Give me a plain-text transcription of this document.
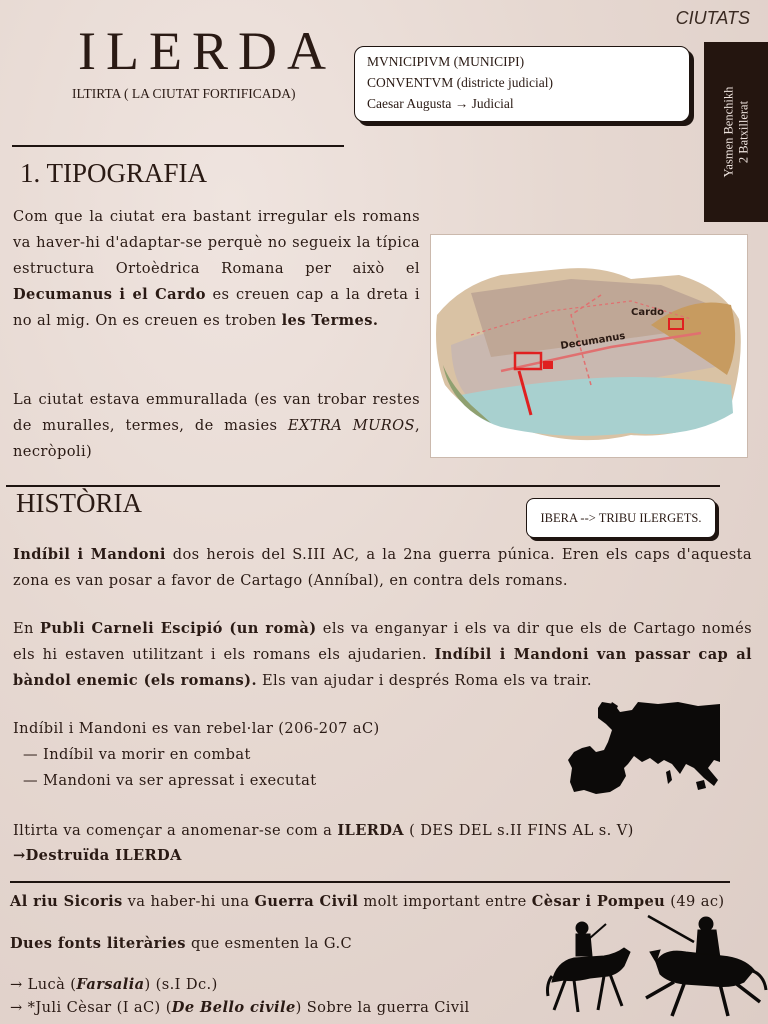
CIUTATS
ILERDA
ILTIRTA ( LA CIUTAT FORTIFICADA)
MVNICIPIVM (MUNICIPI)
CONVENTVM (districte judicial)
Caesar Augusta → Judicial	Yasmen Benchikh 2 Batxillerat
1. TIPOGRAFIA
Com que la ciutat era bastant irregular els romans va haver-hi d'adaptar-se perquè no segueix la típica estructura Ortoèdrica Romana per això el Decumanus i el Cardo es creuen cap a la dreta i no al mig. On es creuen es troben les Termes.
La ciutat estava emmurallada (es van trobar restes de muralles, termes, de masies EXTRA MUROS, necròpoli)
Cardo
Decumanus
HISTÒRIA	IBERA --> TRIBU ILERGETS.
Indíbil i Mandoni dos herois del S.III AC, a la 2na guerra púnica. Eren els caps d'aquesta zona es van posar a favor de Cartago (Anníbal), en contra dels romans.
En Publi Carneli Escipió (un romà) els va enganyar i els va dir que els de Cartago només els hi estaven utilitzant i els romans els ajudarien. Indíbil i Mandoni van passar cap al bàndol enemic (els romans). Els van ajudar i després Roma els va trair.
Indíbil i Mandoni es van rebel·lar (206-207 aC)
— Indíbil va morir en combat
— Mandoni va ser apressat i executat
Iltirta va començar a anomenar-se com a ILERDA ( DES DEL s.II FINS AL s. V)
→Destruïda ILERDA
Al riu Sicoris va haber-hi una Guerra Civil molt important entre Cèsar i Pompeu (49 ac)
Dues fonts literàries que esmenten la G.C
→ Lucà (Farsalia) (s.I Dc.)
→ *Juli Cèsar (I aC) (De Bello civile) Sobre la guerra Civil
